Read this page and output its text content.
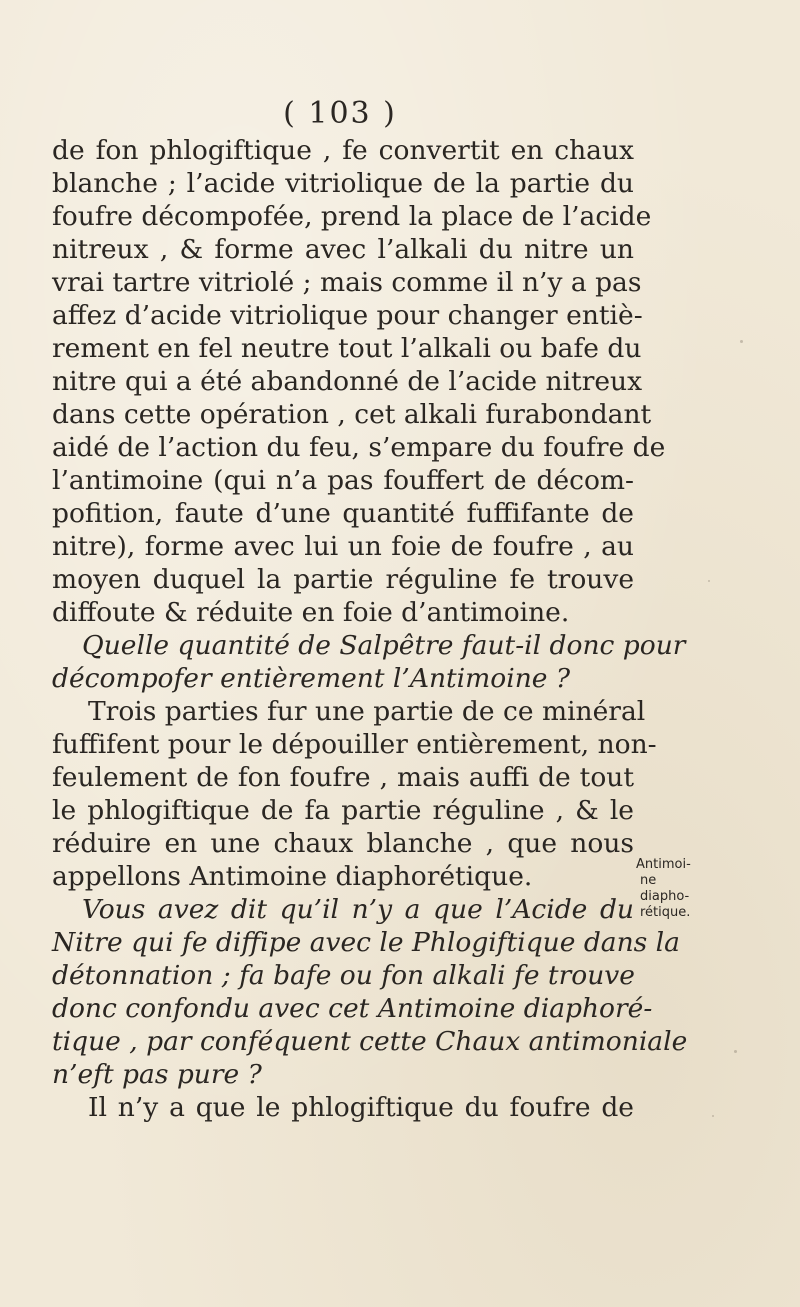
( 103 )
de fon phlogiftique , fe convertit en chaux
blanche ; l’acide vitriolique de la partie du
foufre décompofée, prend la place de l’acide
nitreux , & forme avec l’alkali du nitre un
vrai tartre vitriolé ; mais comme il n’y a pas
affez d’acide vitriolique pour changer entiè-
rement en fel neutre tout l’alkali ou bafe du
nitre qui a été abandonné de l’acide nitreux
dans cette opération , cet alkali furabondant
aidé de l’action du feu, s’empare du foufre de
l’antimoine (qui n’a pas fouffert de décom-
pofition, faute d’une quantité fuffifante de
nitre), forme avec lui un foie de foufre , au
moyen duquel la partie réguline fe trouve
diffoute & réduite en foie d’antimoine.
Quelle quantité de Salpêtre faut-il donc pour
décompofer entièrement l’Antimoine ?
Trois parties fur une partie de ce minéral
fuffifent pour le dépouiller entièrement, non-
feulement de fon foufre , mais auffi de tout
le phlogiftique de fa partie réguline , & le
réduire en une chaux blanche , que nous
appellons Antimoine diaphorétique.
Vous avez dit qu’il n’y a que l’Acide du
Nitre qui fe diffipe avec le Phlogiftique dans la
détonnation ; fa bafe ou fon alkali fe trouve
donc confondu avec cet Antimoine diaphoré-
tique , par conféquent cette Chaux antimoniale
n’eft pas pure ?
Il n’y a que le phlogiftique du foufre de
Antimoi-
ne diapho-
rétique.
